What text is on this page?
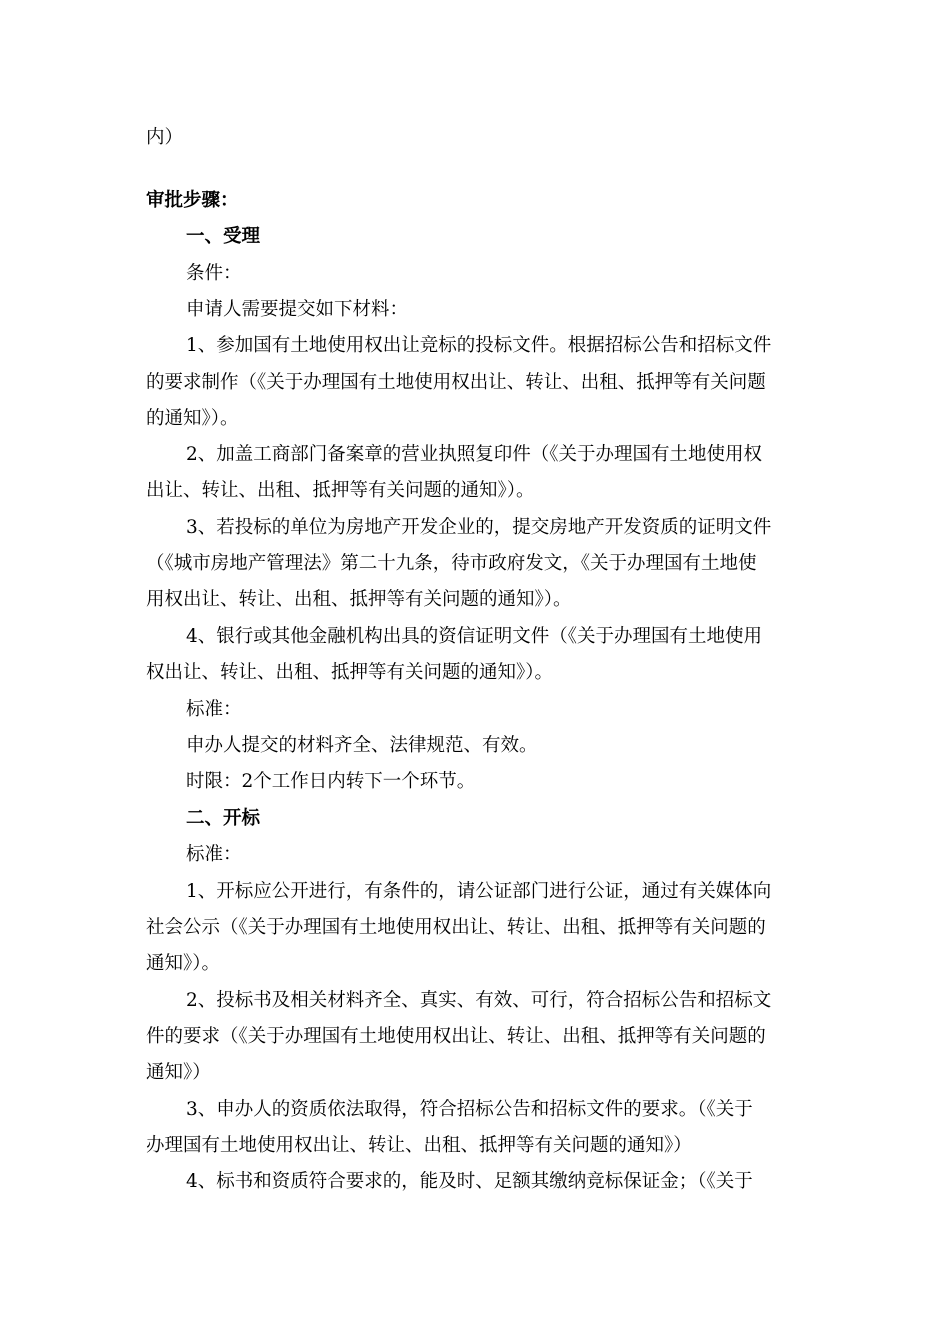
内）
审批步骤：
一、受理
条件：
申请人需要提交如下材料：
1、参加国有土地使用权出让竞标的投标文件。根据招标公告和招标文件
的要求制作（《关于办理国有土地使用权出让、转让、出租、抵押等有关问题
的通知》）。
2、加盖工商部门备案章的营业执照复印件（《关于办理国有土地使用权
出让、转让、出租、抵押等有关问题的通知》）。
3、若投标的单位为房地产开发企业的，提交房地产开发资质的证明文件
（《城市房地产管理法》第二十九条，待市政府发文，《关于办理国有土地使
用权出让、转让、出租、抵押等有关问题的通知》）。
4、银行或其他金融机构出具的资信证明文件（《关于办理国有土地使用
权出让、转让、出租、抵押等有关问题的通知》）。
标准：
申办人提交的材料齐全、法律规范、有效。
时限：2个工作日内转下一个环节。
二、开标
标准：
1、开标应公开进行，有条件的，请公证部门进行公证，通过有关媒体向
社会公示（《关于办理国有土地使用权出让、转让、出租、抵押等有关问题的
通知》）。
2、投标书及相关材料齐全、真实、有效、可行，符合招标公告和招标文
件的要求（《关于办理国有土地使用权出让、转让、出租、抵押等有关问题的
通知》）
3、申办人的资质依法取得，符合招标公告和招标文件的要求。（《关于
办理国有土地使用权出让、转让、出租、抵押等有关问题的通知》）
4、标书和资质符合要求的，能及时、足额其缴纳竞标保证金；（《关于
